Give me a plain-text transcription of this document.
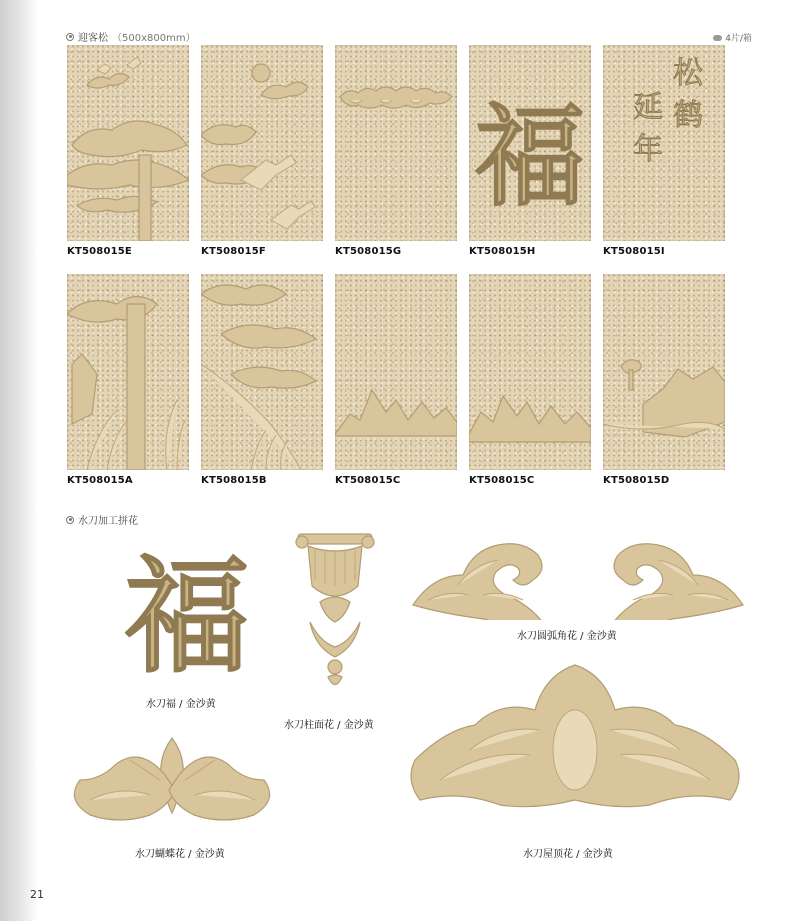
迎客松 （500x800mm）	4片/箱
福
松
鹤
延
年
KT508015E	KT508015F	KT508015G	KT508015H	KT508015I
KT508015A	KT508015B	KT508015C	KT508015C	KT508015D
水刀加工拼花
福
水刀福 / 金沙黄
水刀柱面花 / 金沙黄
水刀圆弧角花 / 金沙黄
水刀蝴蝶花 / 金沙黄	水刀屋顶花 / 金沙黄
21
